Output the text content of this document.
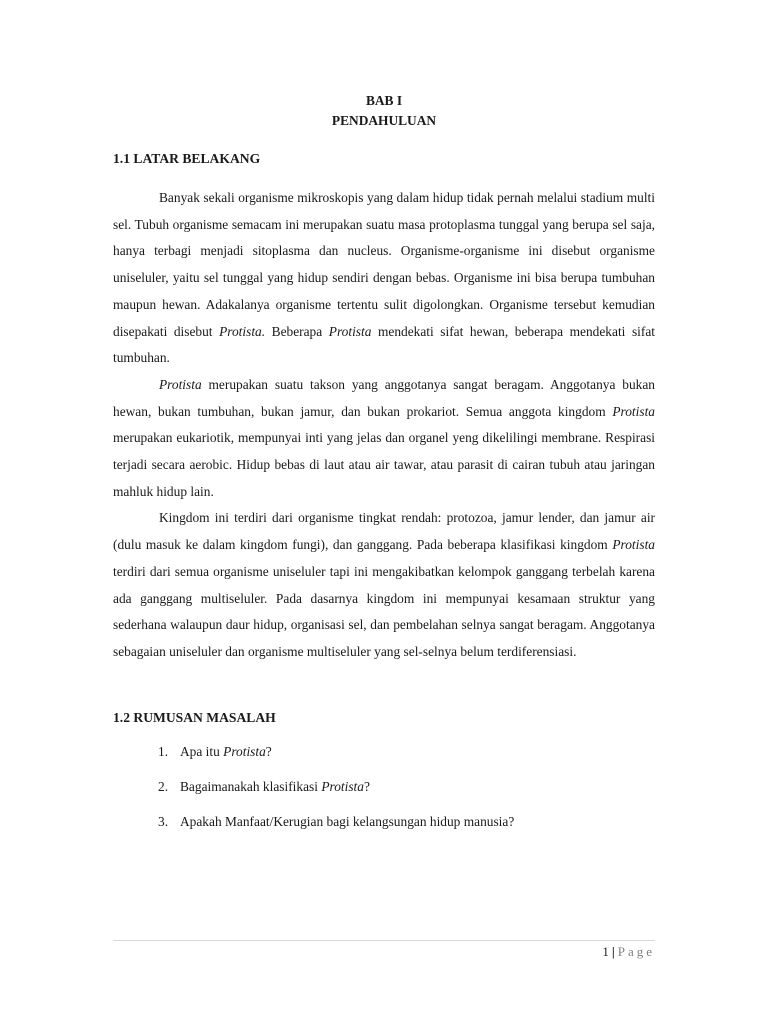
BAB I
PENDAHULUAN

1.1 LATAR BELAKANG

Banyak sekali organisme mikroskopis yang dalam hidup tidak pernah melalui stadium multi sel. Tubuh organisme semacam ini merupakan suatu masa protoplasma tunggal yang berupa sel saja, hanya terbagi menjadi sitoplasma dan nucleus. Organisme-organisme ini disebut organisme uniseluler, yaitu sel tunggal yang hidup sendiri dengan bebas. Organisme ini bisa berupa tumbuhan maupun hewan. Adakalanya organisme tertentu sulit digolongkan. Organisme tersebut kemudian disepakati disebut Protista. Beberapa Protista mendekati sifat hewan, beberapa mendekati sifat tumbuhan.

Protista merupakan suatu takson yang anggotanya sangat beragam. Anggotanya bukan hewan, bukan tumbuhan, bukan jamur, dan bukan prokariot. Semua anggota kingdom Protista merupakan eukariotik, mempunyai inti yang jelas dan organel yeng dikelilingi membrane. Respirasi terjadi secara aerobic. Hidup bebas di laut atau air tawar, atau parasit di cairan tubuh atau jaringan mahluk hidup lain.

Kingdom ini terdiri dari organisme tingkat rendah: protozoa, jamur lender, dan jamur air (dulu masuk ke dalam kingdom fungi), dan ganggang. Pada beberapa klasifikasi kingdom Protista terdiri dari semua organisme uniseluler tapi ini mengakibatkan kelompok ganggang terbelah karena ada ganggang multiseluler. Pada dasarnya kingdom ini mempunyai kesamaan struktur yang sederhana walaupun daur hidup, organisasi sel, dan pembelahan selnya sangat beragam. Anggotanya sebagaian uniseluler dan organisme multiseluler yang sel-selnya belum terdiferensiasi.

1.2 RUMUSAN MASALAH

1. Apa itu Protista?
2. Bagaimanakah klasifikasi Protista?
3. Apakah Manfaat/Kerugian bagi kelangsungan hidup manusia?
1 | Page
